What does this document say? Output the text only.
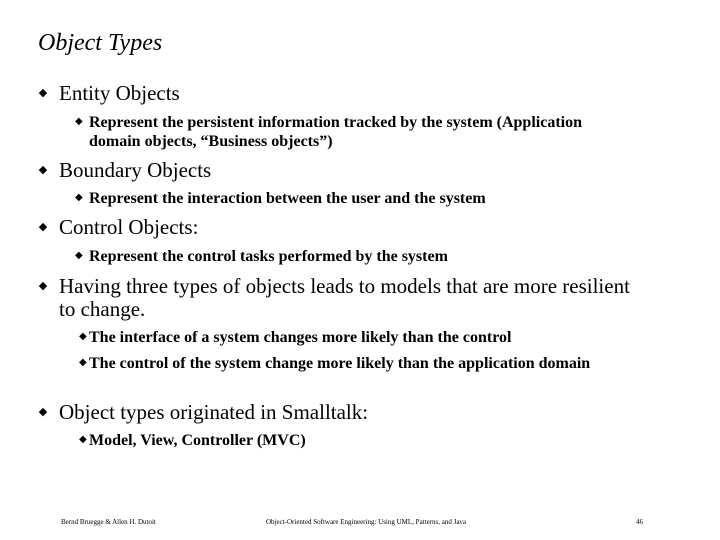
Object Types
◆ Entity Objects
◆ Represent the persistent information tracked by the system (Application domain objects, “Business objects”)
◆ Boundary Objects
◆ Represent the interaction between the user and the system
◆ Control Objects:
◆ Represent the control tasks performed by the system
◆ Having three types of objects leads to models that are more resilient to change.
◆ The interface of a system changes more likely than the control
◆ The control of the system change more likely than the application domain
◆ Object types originated in Smalltalk:
◆ Model, View, Controller (MVC)
Bernd Bruegge & Allen H. Dutoit	Object-Oriented Software Engineering: Using UML, Patterns, and Java	46
